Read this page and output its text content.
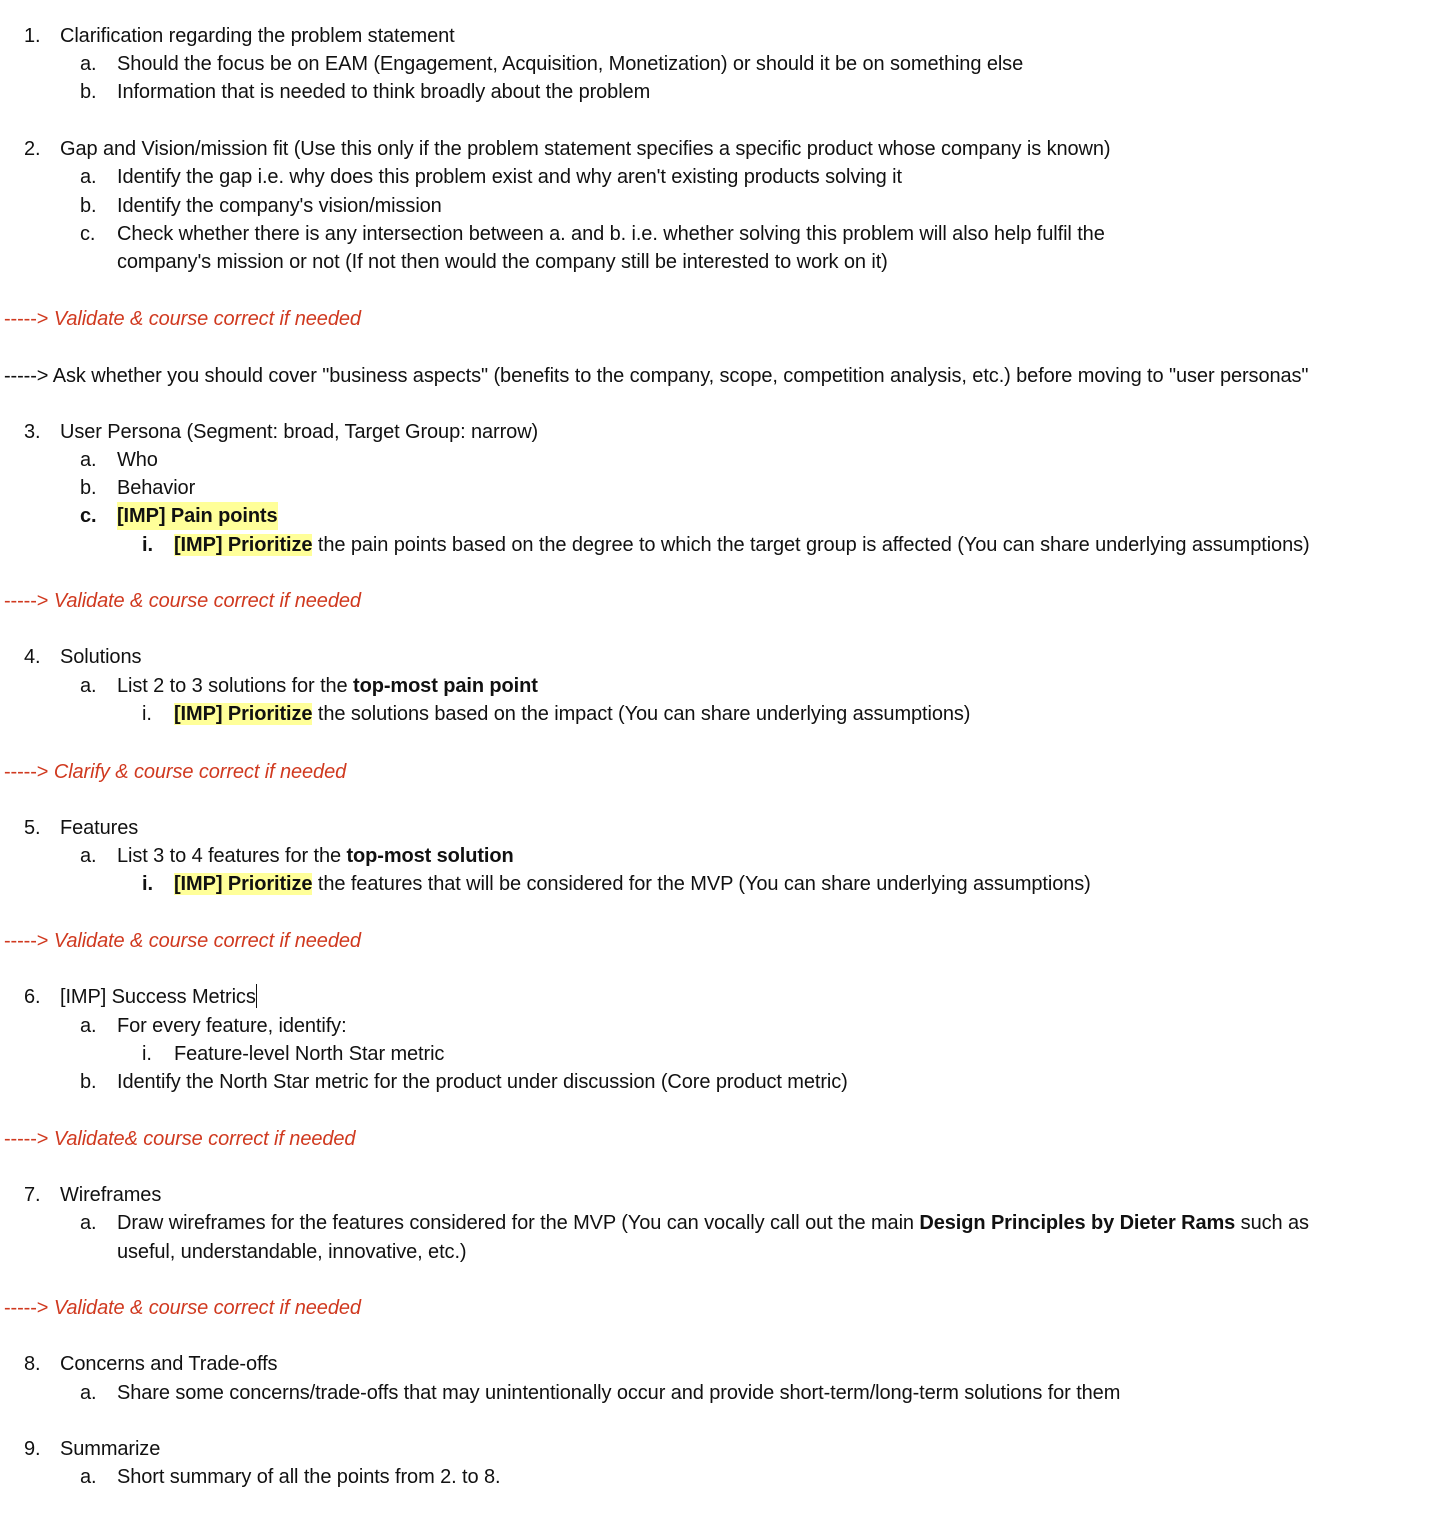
1. Clarification regarding the problem statement
a. Should the focus be on EAM (Engagement, Acquisition, Monetization) or should it be on something else
b. Information that is needed to think broadly about the problem
2. Gap and Vision/mission fit (Use this only if the problem statement specifies a specific product whose company is known)
a. Identify the gap i.e. why does this problem exist and why aren't existing products solving it
b. Identify the company's vision/mission
c. Check whether there is any intersection between a. and b. i.e. whether solving this problem will also help fulfil the
company's mission or not (If not then would the company still be interested to work on it)
-----> Validate & course correct if needed
-----> Ask whether you should cover "business aspects" (benefits to the company, scope, competition analysis, etc.) before moving to "user personas"
3. User Persona (Segment: broad, Target Group: narrow)
a. Who
b. Behavior
c. [IMP] Pain points
i. [IMP] Prioritize the pain points based on the degree to which the target group is affected (You can share underlying assumptions)
-----> Validate & course correct if needed
4. Solutions
a. List 2 to 3 solutions for the top-most pain point
i. [IMP] Prioritize the solutions based on the impact (You can share underlying assumptions)
-----> Clarify & course correct if needed
5. Features
a. List 3 to 4 features for the top-most solution
i. [IMP] Prioritize the features that will be considered for the MVP (You can share underlying assumptions)
-----> Validate & course correct if needed
6. [IMP] Success Metrics
a. For every feature, identify:
i. Feature-level North Star metric
b. Identify the North Star metric for the product under discussion (Core product metric)
-----> Validate& course correct if needed
7. Wireframes
a. Draw wireframes for the features considered for the MVP (You can vocally call out the main Design Principles by Dieter Rams such as
useful, understandable, innovative, etc.)
-----> Validate & course correct if needed
8. Concerns and Trade-offs
a. Share some concerns/trade-offs that may unintentionally occur and provide short-term/long-term solutions for them
9. Summarize
a. Short summary of all the points from 2. to 8.
